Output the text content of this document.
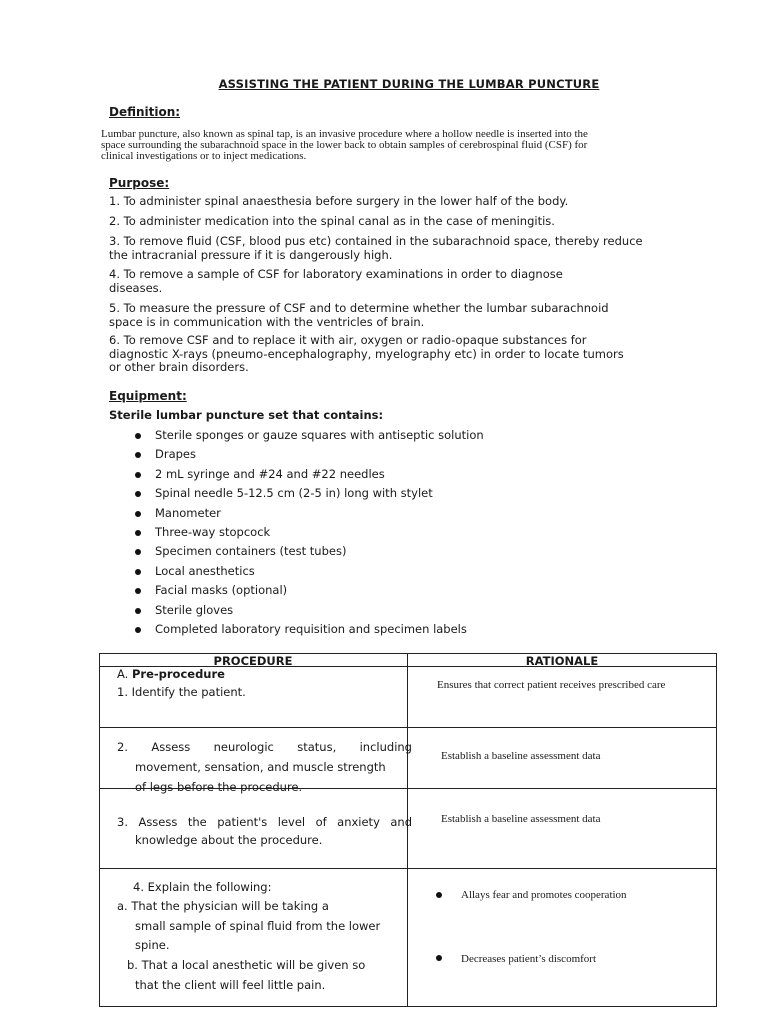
ASSISTING THE PATIENT DURING THE LUMBAR PUNCTURE
Definition:
Lumbar puncture, also known as spinal tap, is an invasive procedure where a hollow needle is inserted into the
space surrounding the subarachnoid space in the lower back to obtain samples of cerebrospinal fluid (CSF) for
clinical investigations or to inject medications.
Purpose:
1. To administer spinal anaesthesia before surgery in the lower half of the body.
2. To administer medication into the spinal canal as in the case of meningitis.
3. To remove fluid (CSF, blood pus etc) contained in the subarachnoid space, thereby reduce the intracranial pressure if it is dangerously high.
4. To remove a sample of CSF for laboratory examinations in order to diagnose diseases.
5. To measure the pressure of CSF and to determine whether the lumbar subarachnoid space is in communication with the ventricles of brain.
6. To remove CSF and to replace it with air, oxygen or radio-opaque substances for diagnostic X-rays (pneumo-encephalography, myelography etc) in order to locate tumors or other brain disorders.
Equipment:
Sterile lumbar puncture set that contains:
Sterile sponges or gauze squares with antiseptic solution
Drapes
2 mL syringe and #24 and #22 needles
Spinal needle 5-12.5 cm (2-5 in) long with stylet
Manometer
Three-way stopcock
Specimen containers (test tubes)
Local anesthetics
Facial masks (optional)
Sterile gloves
Completed laboratory requisition and specimen labels
PROCEDURE	RATIONALE
A. Pre-procedure
1. Identify the patient.	Ensures that correct patient receives prescribed care
2. Assess neurologic status, including
movement, sensation, and muscle strength
of legs before the procedure.
Establish a baseline assessment data
3. Assess the patient's level of anxiety and
knowledge about the procedure.
Establish a baseline assessment data
4. Explain the following:
a. That the physician will be taking a
small sample of spinal fluid from the lower
spine.
b. That a local anesthetic will be given so
that the client will feel little pain.
Allays fear and promotes cooperation
Decreases patient’s discomfort
